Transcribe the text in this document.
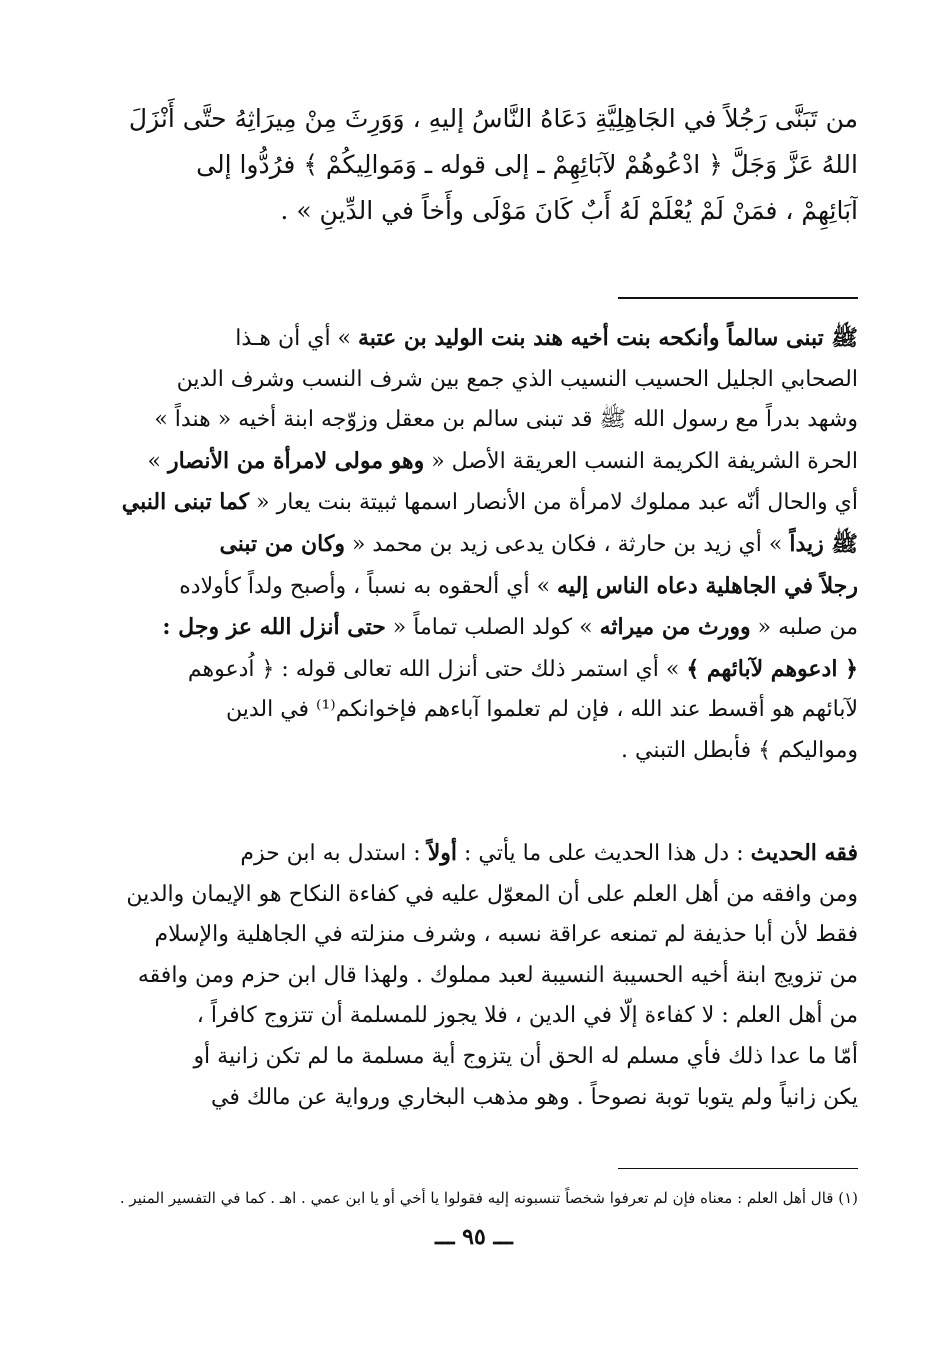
من تَبَنَّى رَجُلاً في الجَاهِلِيَّةِ دَعَاهُ النَّاسُ إليهِ ، وَوَرِثَ مِنْ مِيرَاثِهُ حتَّى أَنْزَلَ
اللهُ عَزَّ وَجَلَّ ﴿ ادْعُوهُمْ لآبَائِهِمْ ـ إلى قوله ـ وَمَوالِيكُمْ ﴾ فرُدُّوا إلى
آبَائِهِمْ ، فمَنْ لَمْ يُعْلَمْ لَهُ أَبٌ كَانَ مَوْلَى وأَخاً في الدِّينِ » .
ﷺ تبنى سالماً وأنكحه بنت أخيه هند بنت الوليد بن عتبة » أي أن هـذا
الصحابي الجليل الحسيب النسيب الذي جمع بين شرف النسب وشرف الدين
وشهد بدراً مع رسول الله ﷺ قد تبنى سالم بن معقل وزوّجه ابنة أخيه « هنداً »
الحرة الشريفة الكريمة النسب العريقة الأصل « وهو مولى لامرأة من الأنصار »
أي والحال أنّه عبد مملوك لامرأة من الأنصار اسمها ثبيتة بنت يعار « كما تبنى النبي
ﷺ زيداً » أي زيد بن حارثة ، فكان يدعى زيد بن محمد « وكان من تبنى
رجلاً في الجاهلية دعاه الناس إليه » أي ألحقوه به نسباً ، وأصبح ولداً كأولاده
من صلبه « وورث من ميراثه » كولد الصلب تماماً « حتى أنزل الله عز وجل :
﴿ ادعوهم لآبائهم ﴾ » أي استمر ذلك حتى أنزل الله تعالى قوله : ﴿ اُدعوهم
لآبائهم هو أقسط عند الله ، فإن لم تعلموا آباءهم فإخوانكم⁽¹⁾ في الدين
ومواليكم ﴾ فأبطل التبني .
فقه الحديث : دل هذا الحديث على ما يأتي : أولاً : استدل به ابن حزم
ومن وافقه من أهل العلم على أن المعوّل عليه في كفاءة النكاح هو الإيمان والدين
فقط لأن أبا حذيفة لم تمنعه عراقة نسبه ، وشرف منزلته في الجاهلية والإسلام
من تزويج ابنة أخيه الحسيبة النسيبة لعبد مملوك . ولهذا قال ابن حزم ومن وافقه
من أهل العلم : لا كفاءة إلّا في الدين ، فلا يجوز للمسلمة أن تتزوج كافراً ،
أمّا ما عدا ذلك فأي مسلم له الحق أن يتزوج أية مسلمة ما لم تكن زانية أو
يكن زانياً ولم يتوبا توبة نصوحاً . وهو مذهب البخاري ورواية عن مالك في
(١) قال أهل العلم : معناه فإن لم تعرفوا شخصاً تنسبونه إليه فقولوا يا أخي أو يا ابن عمي . اهـ . كما في التفسير المنير .
ـــ ٩٥ ـــ
